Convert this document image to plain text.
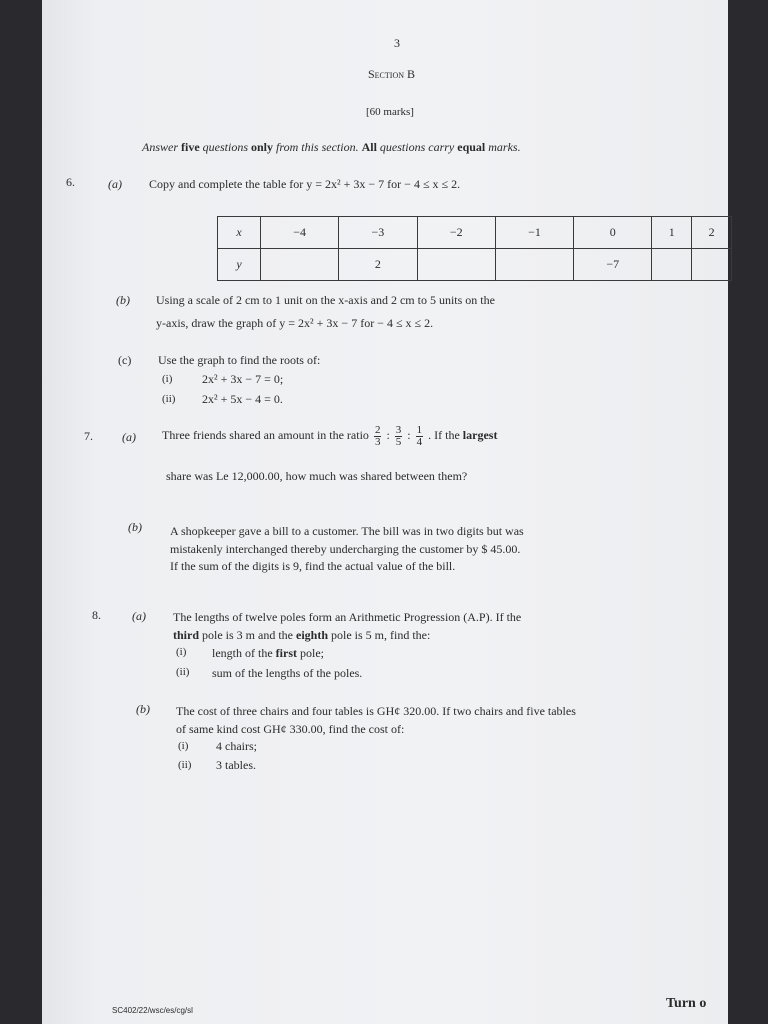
3
Section B
[60 marks]
Answer five questions only from this section. All questions carry equal marks.
6.	(a) Copy and complete the table for y = 2x² + 3x − 7 for − 4 ≤ x ≤ 2.
x	−4	−3	−2	−1	0	1	2
y		2			−7		
(b) Using a scale of 2 cm to 1 unit on the x-axis and 2 cm to 5 units on the
y-axis, draw the graph of y = 2x² + 3x − 7 for − 4 ≤ x ≤ 2.
(c) Use the graph to find the roots of:
(i) 2x² + 3x − 7 = 0;
(ii) 2x² + 5x − 4 = 0.
7. (a) Three friends shared an amount in the ratio $\frac{2}{3}$ : $\frac{3}{5}$ : $\frac{1}{4}$ . If the largest
share was Le 12,000.00, how much was shared between them?
(b) A shopkeeper gave a bill to a customer. The bill was in two digits but was
mistakenly interchanged thereby undercharging the customer by $ 45.00.
If the sum of the digits is 9, find the actual value of the bill.
8.	(a) The lengths of twelve poles form an Arithmetic Progression (A.P). If the
third pole is 3 m and the eighth pole is 5 m, find the:
(i) length of the first pole;
(ii) sum of the lengths of the poles.
(b) The cost of three chairs and four tables is GH¢ 320.00. If two chairs and five tables
of same kind cost GH¢ 330.00, find the cost of:
(i) 4 chairs;
(ii) 3 tables.
SC402/22/wsc/es/cg/sl	Turn o
